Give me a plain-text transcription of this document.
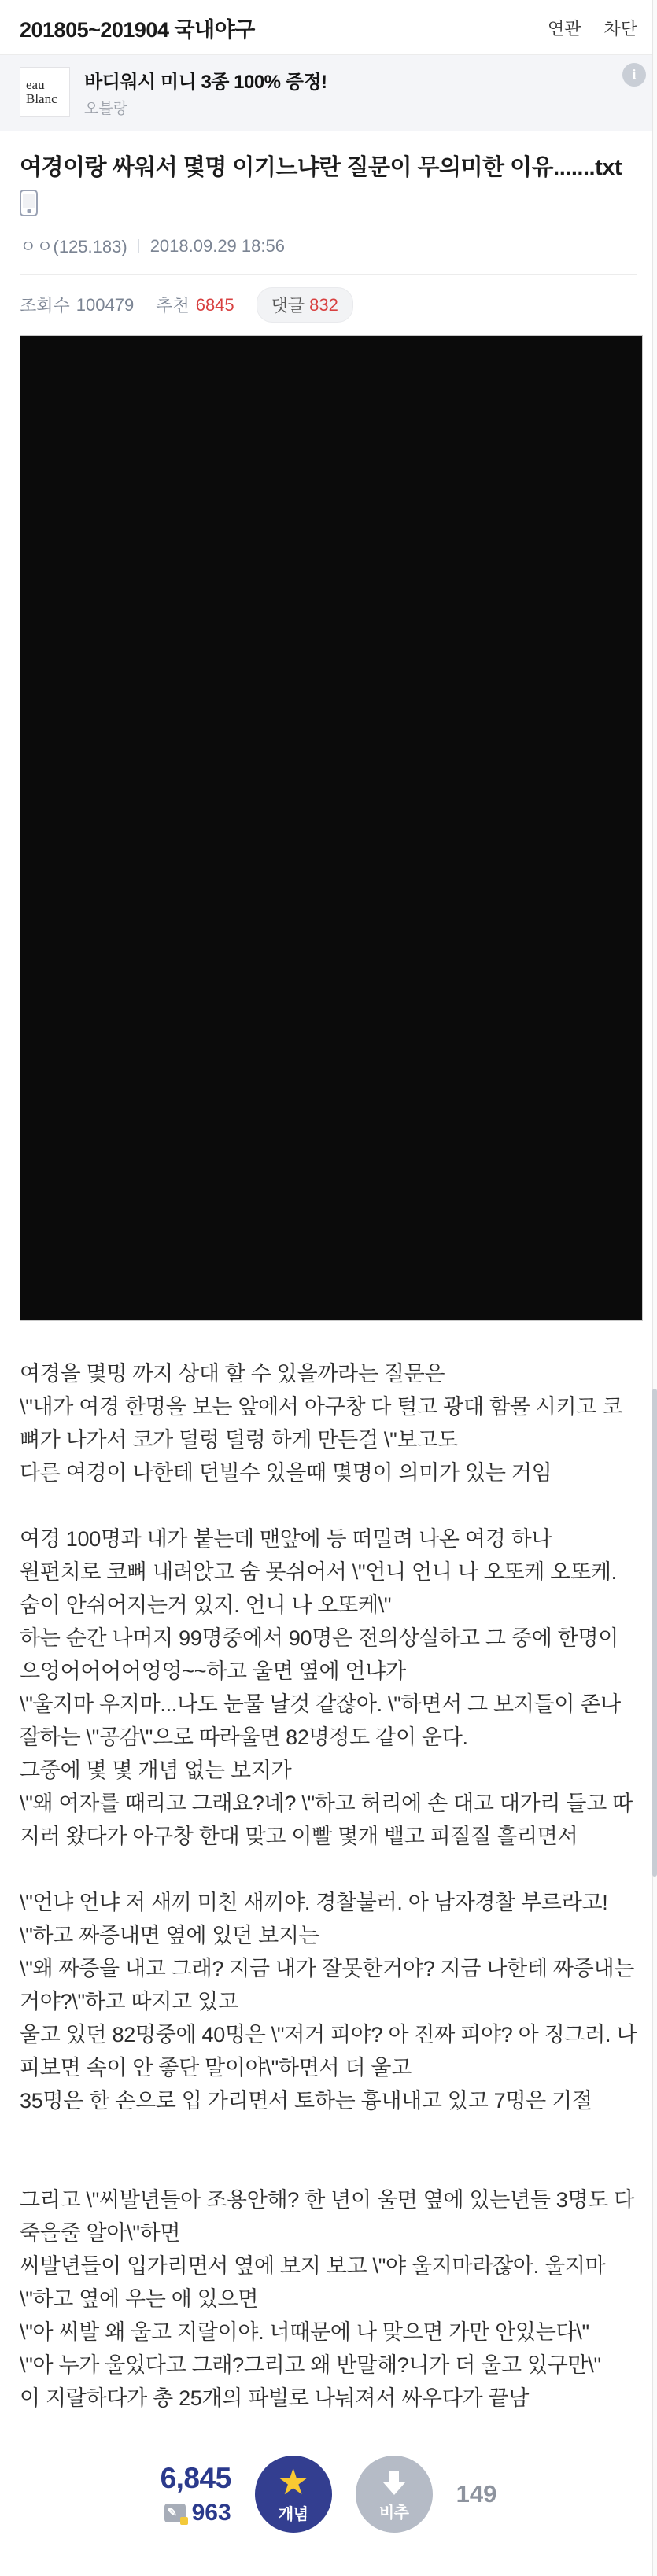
201805~201904 국내야구	연관 차단
eau
Blanc
바디워시 미니 3종 100% 증정!
오블랑
i
여경이랑 싸워서 몇명 이기느냐란 질문이 무의미한 이유.......txt
ㅇㅇ(125.183) 2018.09.29 18:56
조회수 100479 추천 6845 댓글 832
여경을 몇명 까지 상대 할 수 있을까라는 질문은
\"내가 여경 한명을 보는 앞에서 아구창 다 털고 광대 함몰 시키고 코뼈가 나가서 코가 덜렁 덜렁 하게 만든걸 \"보고도
다른 여경이 나한테 던빌수 있을때 몇명이 의미가 있는 거임
여경 100명과 내가 붙는데 맨앞에 등 떠밀려 나온 여경 하나
원펀치로 코뼈 내려앉고 숨 못쉬어서 \"언니 언니 나 오또케 오또케. 숨이 안쉬어지는거 있지. 언니 나 오또케\"
하는 순간 나머지 99명중에서 90명은 전의상실하고 그 중에 한명이 으엉어어어어엉엉~~하고 울면 옆에 언냐가
\"울지마 우지마...나도 눈물 날것 같잖아. \"하면서 그 보지들이 존나 잘하는 \"공감\"으로 따라울면 82명정도 같이 운다.
그중에 몇 몇 개념 없는 보지가
\"왜 여자를 때리고 그래요?네? \"하고 허리에 손 대고 대가리 들고 따지러 왔다가 아구창 한대 맞고 이빨 몇개 뱉고 피질질 흘리면서
\"언냐 언냐 저 새끼 미친 새끼야. 경찰불러. 아 남자경찰 부르라고!
\"하고 짜증내면 옆에 있던 보지는
\"왜 짜증을 내고 그래? 지금 내가 잘못한거야? 지금 나한테 짜증내는 거야?\"하고 따지고 있고
울고 있던 82명중에 40명은 \"저거 피야? 아 진짜 피야? 아 징그러. 나 피보면 속이 안 좋단 말이야\"하면서 더 울고
35명은 한 손으로 입 가리면서 토하는 흉내내고 있고 7명은 기절
그리고 \"씨발년들아 조용안해? 한 년이 울면 옆에 있는년들 3명도 다 죽을줄 알아\"하면
씨발년들이 입가리면서 옆에 보지 보고 \"야 울지마라잖아. 울지마
\"하고 옆에 우는 애 있으면
\"아 씨발 왜 울고 지랄이야. 너때문에 나 맞으면 가만 안있는다\"
\"아 누가 울었다고 그래?그리고 왜 반말해?니가 더 울고 있구만\"
이 지랄하다가 총 25개의 파벌로 나눠져서 싸우다가 끝남
6,845
✎ 963
★
개념	비추
149
